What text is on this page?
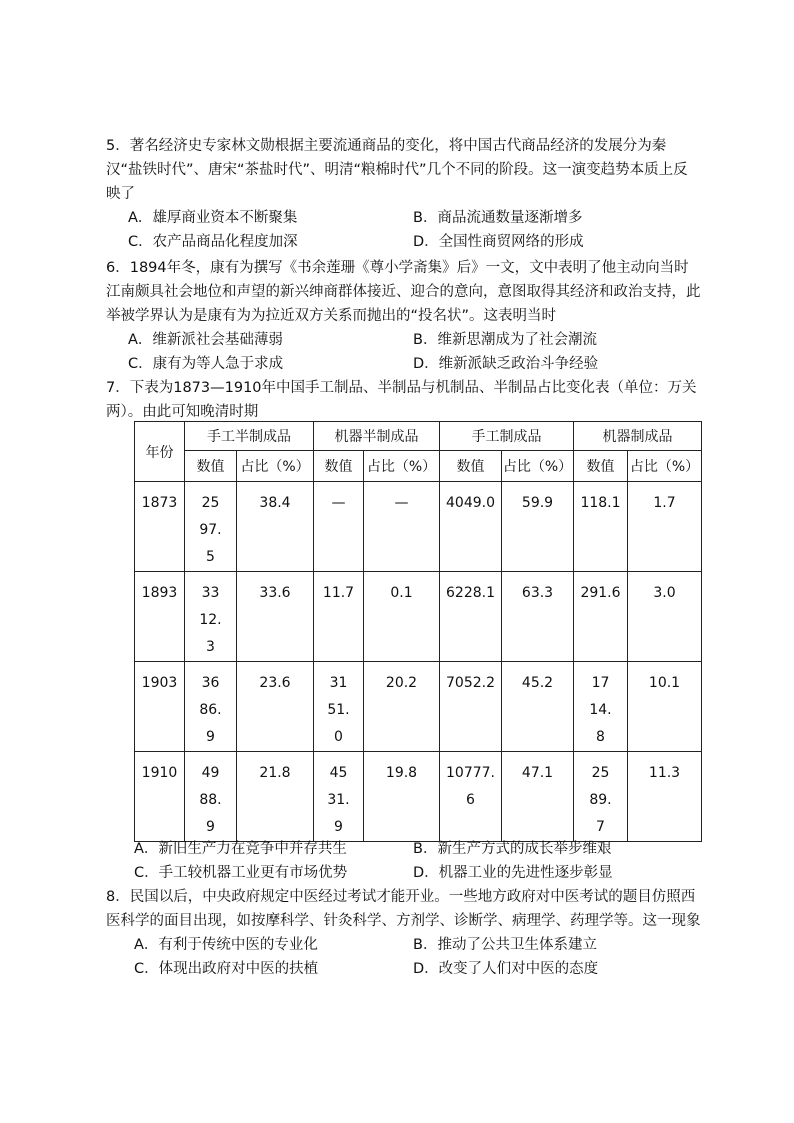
5．著名经济史专家林文勋根据主要流通商品的变化，将中国古代商品经济的发展分为秦汉“盐铁时代”、唐宋“茶盐时代”、明清“粮棉时代”几个不同的阶段。这一演变趋势本质上反映了

A．雄厚商业资本不断聚集	B．商品流通数量逐渐增多
C．农产品商品化程度加深	D．全国性商贸网络的形成

6．1894年冬，康有为撰写《书余莲珊《尊小学斋集》后》一文，文中表明了他主动向当时江南颇具社会地位和声望的新兴绅商群体接近、迎合的意向，意图取得其经济和政治支持，此举被学界认为是康有为为拉近双方关系而抛出的“投名状”。这表明当时

A．维新派社会基础薄弱	B．维新思潮成为了社会潮流
C．康有为等人急于求成	D．维新派缺乏政治斗争经验

7．下表为1873—1910年中国手工制品、半制品与机制品、半制品占比变化表（单位：万关两）。由此可知晚清时期

年份	手工半制成品		机器半制成品		手工制成品		机器制成品	
	数值	占比（%）	数值	占比（%）	数值	占比（%）	数值	占比（%）

1873	2597.5	38.4	—	—	4049.0	59.9	118.1	1.7

1893	3312.3	33.6	11.7	0.1	6228.1	63.3	291.6	3.0

1903	3686.9	23.6	3151.0	20.2	7052.2	45.2	1714.8	10.1

1910	4988.9	21.8	4531.9	19.8	10777.6	47.1	2589.7	11.3
A．新旧生产力在竞争中并存共生	B．新生产方式的成长举步维艰
C．手工较机器工业更有市场优势	D．机器工业的先进性逐步彰显

8．民国以后，中央政府规定中医经过考试才能开业。一些地方政府对中医考试的题目仿照西医科学的面目出现，如按摩科学、针灸科学、方剂学、诊断学、病理学、药理学等。这一现象

A．有利于传统中医的专业化	B．推动了公共卫生体系建立
C．体现出政府对中医的扶植	D．改变了人们对中医的态度
